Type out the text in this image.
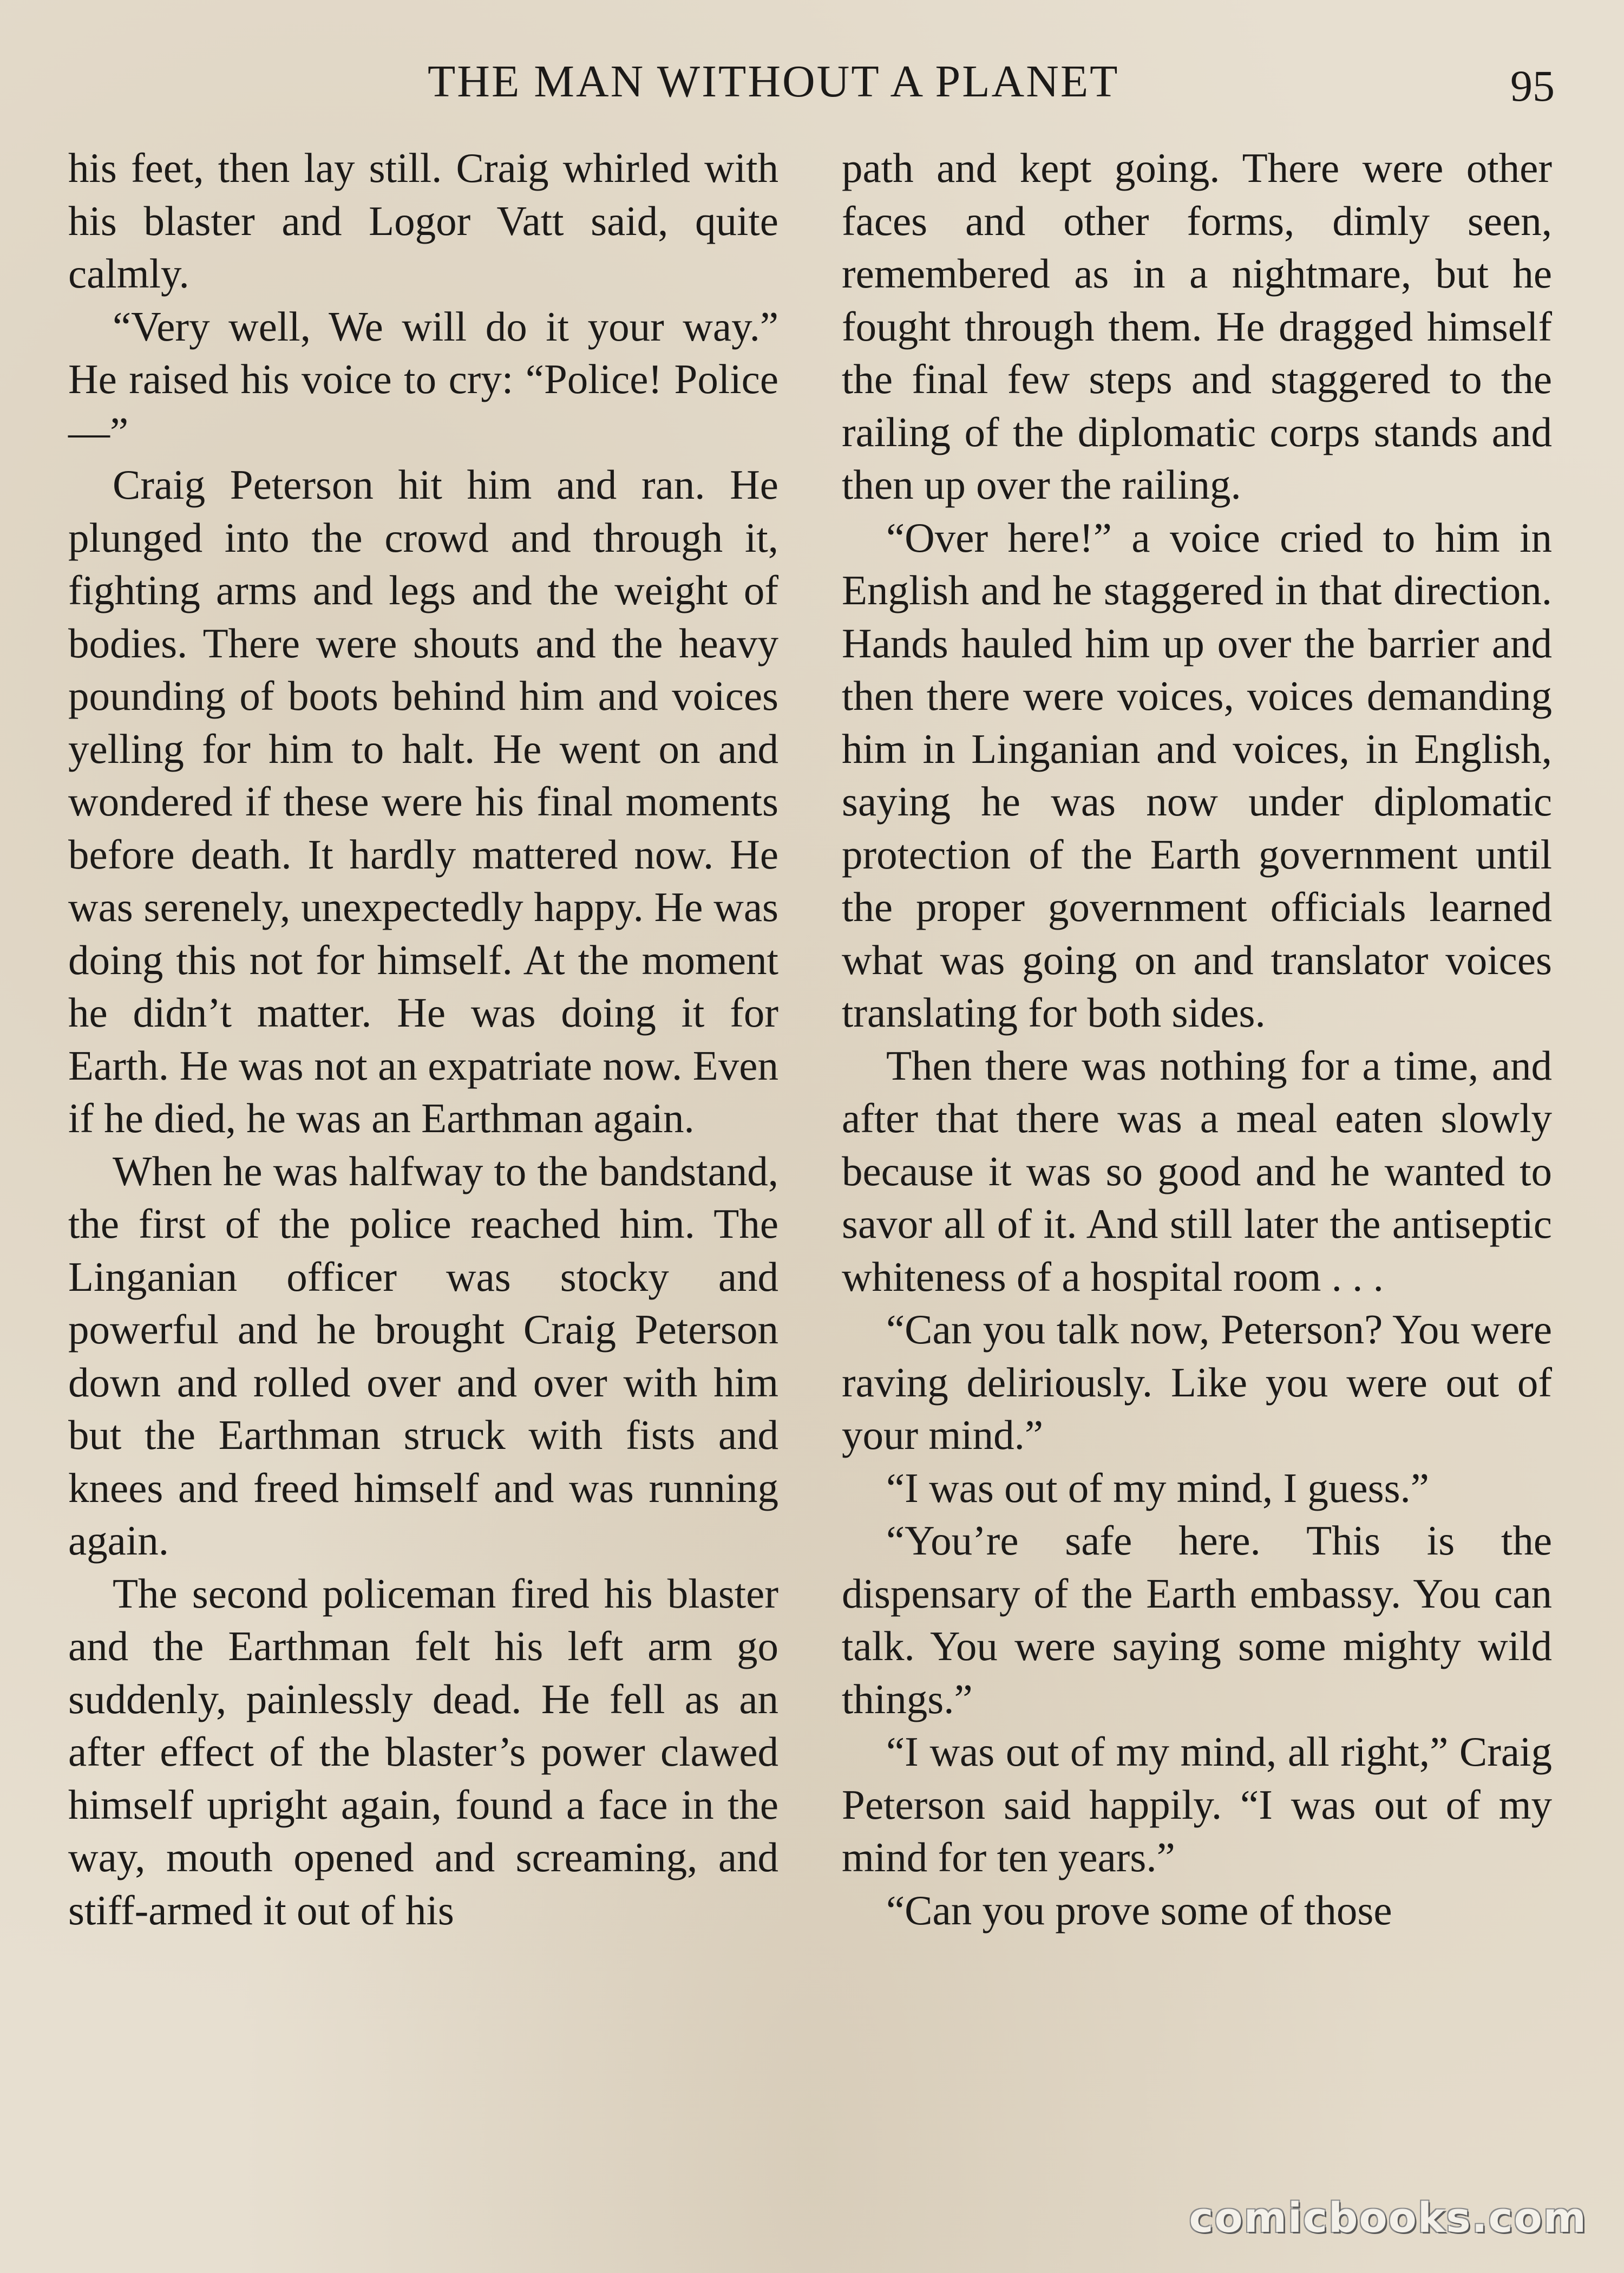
THE MAN WITHOUT A PLANET	95

his feet, then lay still. Craig whirled with his blaster and Logor Vatt said, quite calmly.

“Very well, We will do it your way.” He raised his voice to cry: “Police! Police —”

Craig Peterson hit him and ran. He plunged into the crowd and through it, fighting arms and legs and the weight of bodies. There were shouts and the heavy pounding of boots behind him and voices yelling for him to halt. He went on and wondered if these were his final moments before death. It hardly mattered now. He was serenely, unexpectedly happy. He was doing this not for himself. At the moment he didn’t matter. He was doing it for Earth. He was not an expatriate now. Even if he died, he was an Earthman again.

When he was halfway to the bandstand, the first of the police reached him. The Linganian officer was stocky and powerful and he brought Craig Peterson down and rolled over and over with him but the Earthman struck with fists and knees and freed himself and was running again.

The second policeman fired his blaster and the Earthman felt his left arm go suddenly, painlessly dead. He fell as an after effect of the blaster’s power clawed himself upright again, found a face in the way, mouth opened and screaming, and stiff-armed it out of his

path and kept going. There were other faces and other forms, dimly seen, remembered as in a nightmare, but he fought through them. He dragged himself the final few steps and staggered to the railing of the diplomatic corps stands and then up over the railing.

“Over here!” a voice cried to him in English and he staggered in that direction. Hands hauled him up over the barrier and then there were voices, voices demanding him in Linganian and voices, in English, saying he was now under diplomatic protection of the Earth government until the proper government officials learned what was going on and translator voices translating for both sides.

Then there was nothing for a time, and after that there was a meal eaten slowly because it was so good and he wanted to savor all of it. And still later the antiseptic whiteness of a hospital room . . .

“Can you talk now, Peterson? You were raving deliriously. Like you were out of your mind.”

“I was out of my mind, I guess.”

“You’re safe here. This is the dispensary of the Earth embassy. You can talk. You were saying some mighty wild things.”

“I was out of my mind, all right,” Craig Peterson said happily. “I was out of my mind for ten years.”

“Can you prove some of those

comicbooks.com
